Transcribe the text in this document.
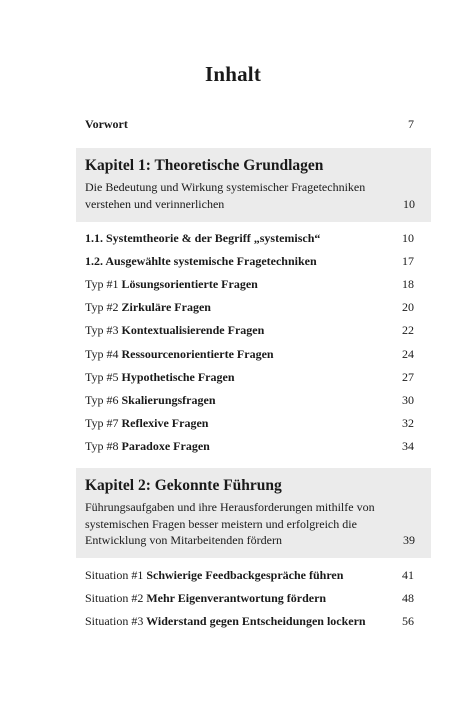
Inhalt
Vorwort	7
Kapitel 1: Theoretische Grundlagen
Die Bedeutung und Wirkung systemischer Fragetechniken verstehen und verinnerlichen	10
1.1. Systemtheorie & der Begriff „systemisch“	10
1.2. Ausgewählte systemische Fragetechniken	17
Typ #1 Lösungsorientierte Fragen	18
Typ #2 Zirkuläre Fragen	20
Typ #3 Kontextualisierende Fragen	22
Typ #4 Ressourcenorientierte Fragen	24
Typ #5 Hypothetische Fragen	27
Typ #6 Skalierungsfragen	30
Typ #7 Reflexive Fragen	32
Typ #8 Paradoxe Fragen	34
Kapitel 2: Gekonnte Führung
Führungsaufgaben und ihre Herausforderungen mithilfe von systemischen Fragen besser meistern und erfolgreich die Entwicklung von Mitarbeitenden fördern	39
Situation #1 Schwierige Feedbackgespräche führen	41
Situation #2 Mehr Eigenverantwortung fördern	48
Situation #3 Widerstand gegen Entscheidungen lockern	56
